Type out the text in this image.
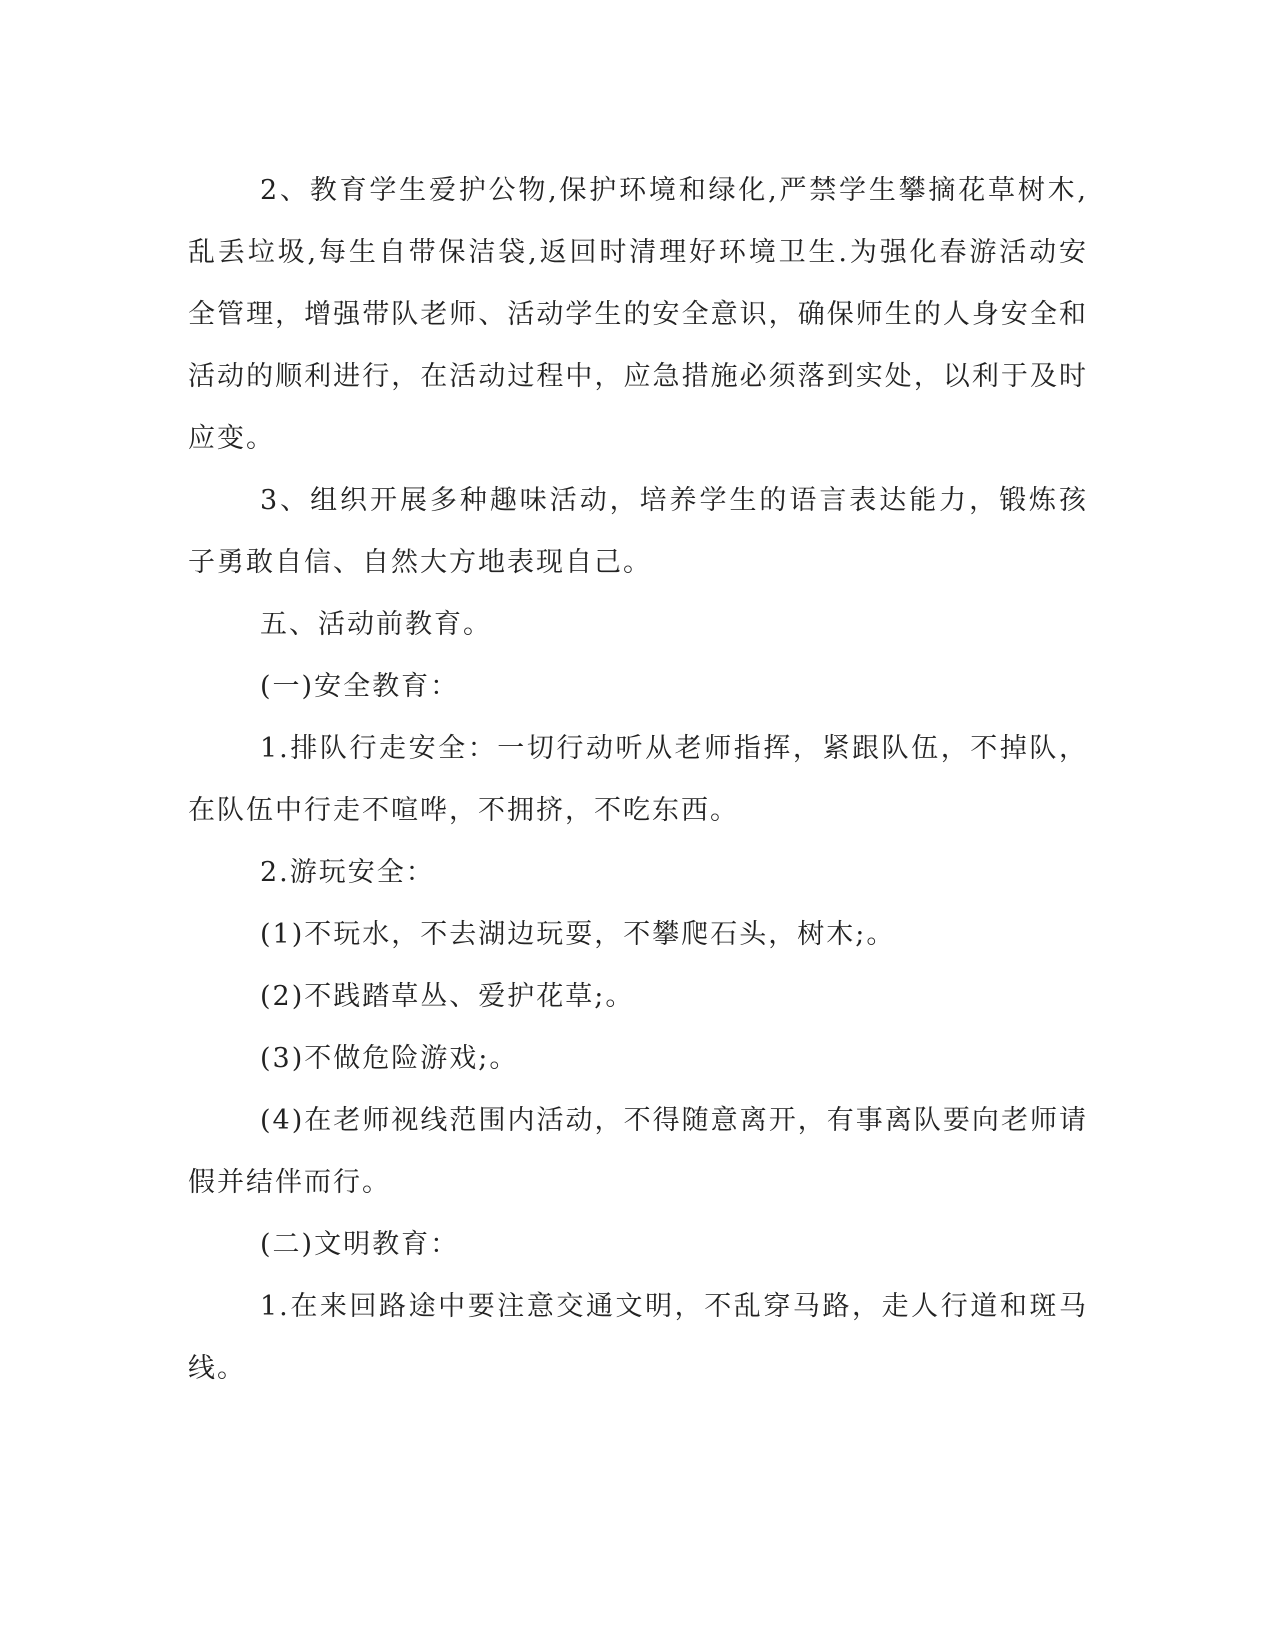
2、教育学生爱护公物,保护环境和绿化,严禁学生攀摘花草树木,乱丢垃圾,每生自带保洁袋,返回时清理好环境卫生.为强化春游活动安全管理，增强带队老师、活动学生的安全意识，确保师生的人身安全和活动的顺利进行，在活动过程中，应急措施必须落到实处，以利于及时应变。

3、组织开展多种趣味活动，培养学生的语言表达能力，锻炼孩子勇敢自信、自然大方地表现自己。

五、活动前教育。

(一)安全教育：

1.排队行走安全：一切行动听从老师指挥，紧跟队伍，不掉队，在队伍中行走不喧哗，不拥挤，不吃东西。

2.游玩安全：

(1)不玩水，不去湖边玩耍，不攀爬石头，树木;。

(2)不践踏草丛、爱护花草;。

(3)不做危险游戏;。

(4)在老师视线范围内活动，不得随意离开，有事离队要向老师请假并结伴而行。

(二)文明教育：

1.在来回路途中要注意交通文明，不乱穿马路，走人行道和斑马线。
